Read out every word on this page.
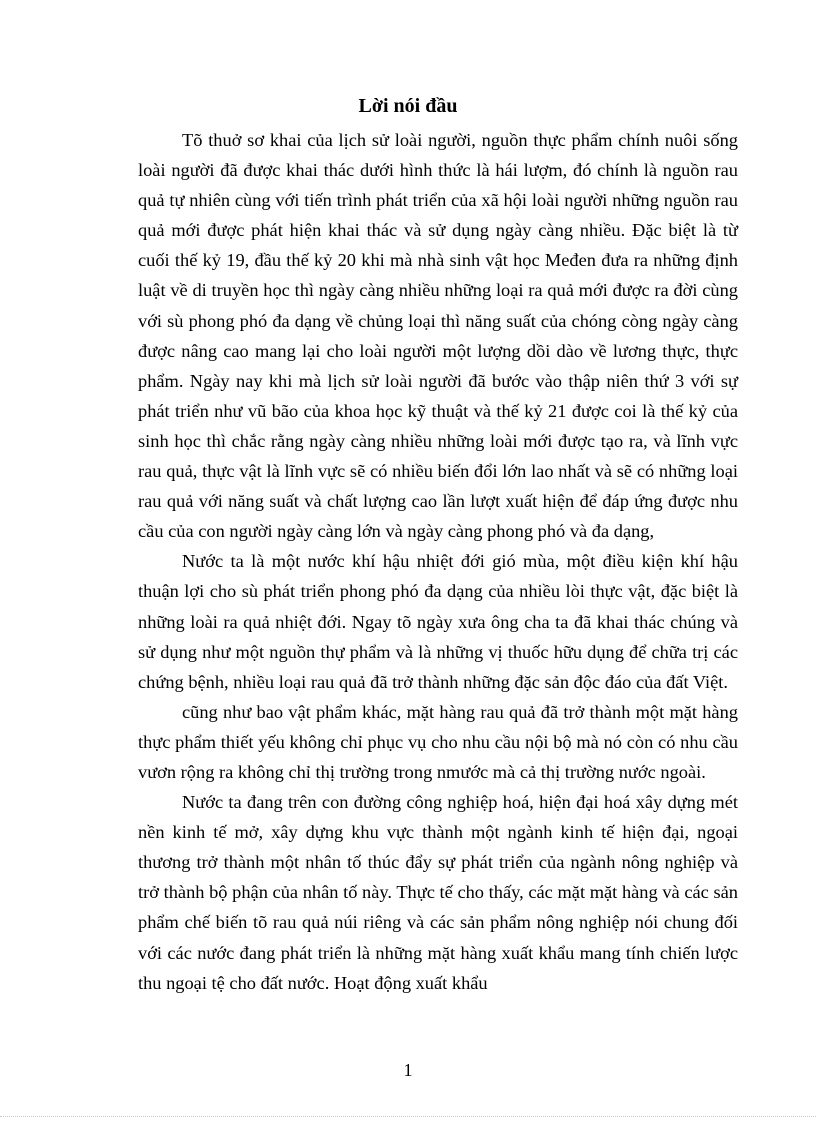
Lời nói đầu

Tõ thuở sơ khai của lịch sử loài người, nguồn thực phẩm chính nuôi sống loài người đã được khai thác dưới hình thức là hái lượm, đó chính là nguồn rau quả tự nhiên cùng với tiến trình phát triển của xã hội loài người những nguồn rau quả mới được phát hiện khai thác và sử dụng ngày càng nhiều. Đặc biệt là từ cuối thế kỷ 19, đầu thế kỷ 20 khi mà nhà sinh vật học Međen đưa ra những định luật về di truyền học thì ngày càng nhiều những loại ra quả mới được ra đời cùng với sù phong phó đa dạng về chủng loại thì năng suất của chóng còng ngày càng được nâng cao mang lại cho loài người một lượng dồi dào về lương thực, thực phẩm. Ngày nay khi mà lịch sử loài người đã bước vào thập niên thứ 3 với sự phát triển như vũ bão của khoa học kỹ thuật và thế kỷ 21 được coi là thế kỷ của sinh học thì chắc rằng ngày càng nhiều những loài mới được tạo ra, và lĩnh vực rau quả, thực vật là lĩnh vực sẽ có nhiều biến đổi lớn lao nhất và sẽ có những loại rau quả với năng suất và chất lượng cao lần lượt xuất hiện để đáp ứng được nhu cầu của con người ngày càng lớn và ngày càng phong phó và đa dạng,

Nước ta là một nước khí hậu nhiệt đới gió mùa, một điều kiện khí hậu thuận lợi cho sù phát triển phong phó đa dạng của nhiều lòi thực vật, đặc biệt là những loài ra quả nhiệt đới. Ngay tõ ngày xưa ông cha ta đã khai thác chúng và sử dụng như một nguồn thự phẩm và là những vị thuốc hữu dụng để chữa trị các chứng bệnh, nhiều loại rau quả đã trở thành những đặc sản độc đáo của đất Việt.

cũng như bao vật phẩm khác, mặt hàng rau quả đã trở thành một mặt hàng thực phẩm thiết yếu không chỉ phục vụ cho nhu cầu nội bộ mà nó còn có nhu cầu vươn rộng ra không chỉ thị trường trong nmước mà cả thị trường nước ngoài.

Nước ta đang trên con đường công nghiệp hoá, hiện đại hoá xây dựng mét nền kinh tế mở, xây dựng khu vực thành một ngành kinh tế hiện đại, ngoại thương trở thành một nhân tố thúc đẩy sự phát triển của ngành nông nghiệp và trở thành bộ phận của nhân tố này. Thực tế cho thấy, các mặt mặt hàng và các sản phẩm chế biến tõ rau quả núi riêng và các sản phẩm nông nghiệp nói chung đối với các nước đang phát triển là những mặt hàng xuất khẩu mang tính chiến lược thu ngoại tệ cho đất nước. Hoạt động xuất khẩu

1
